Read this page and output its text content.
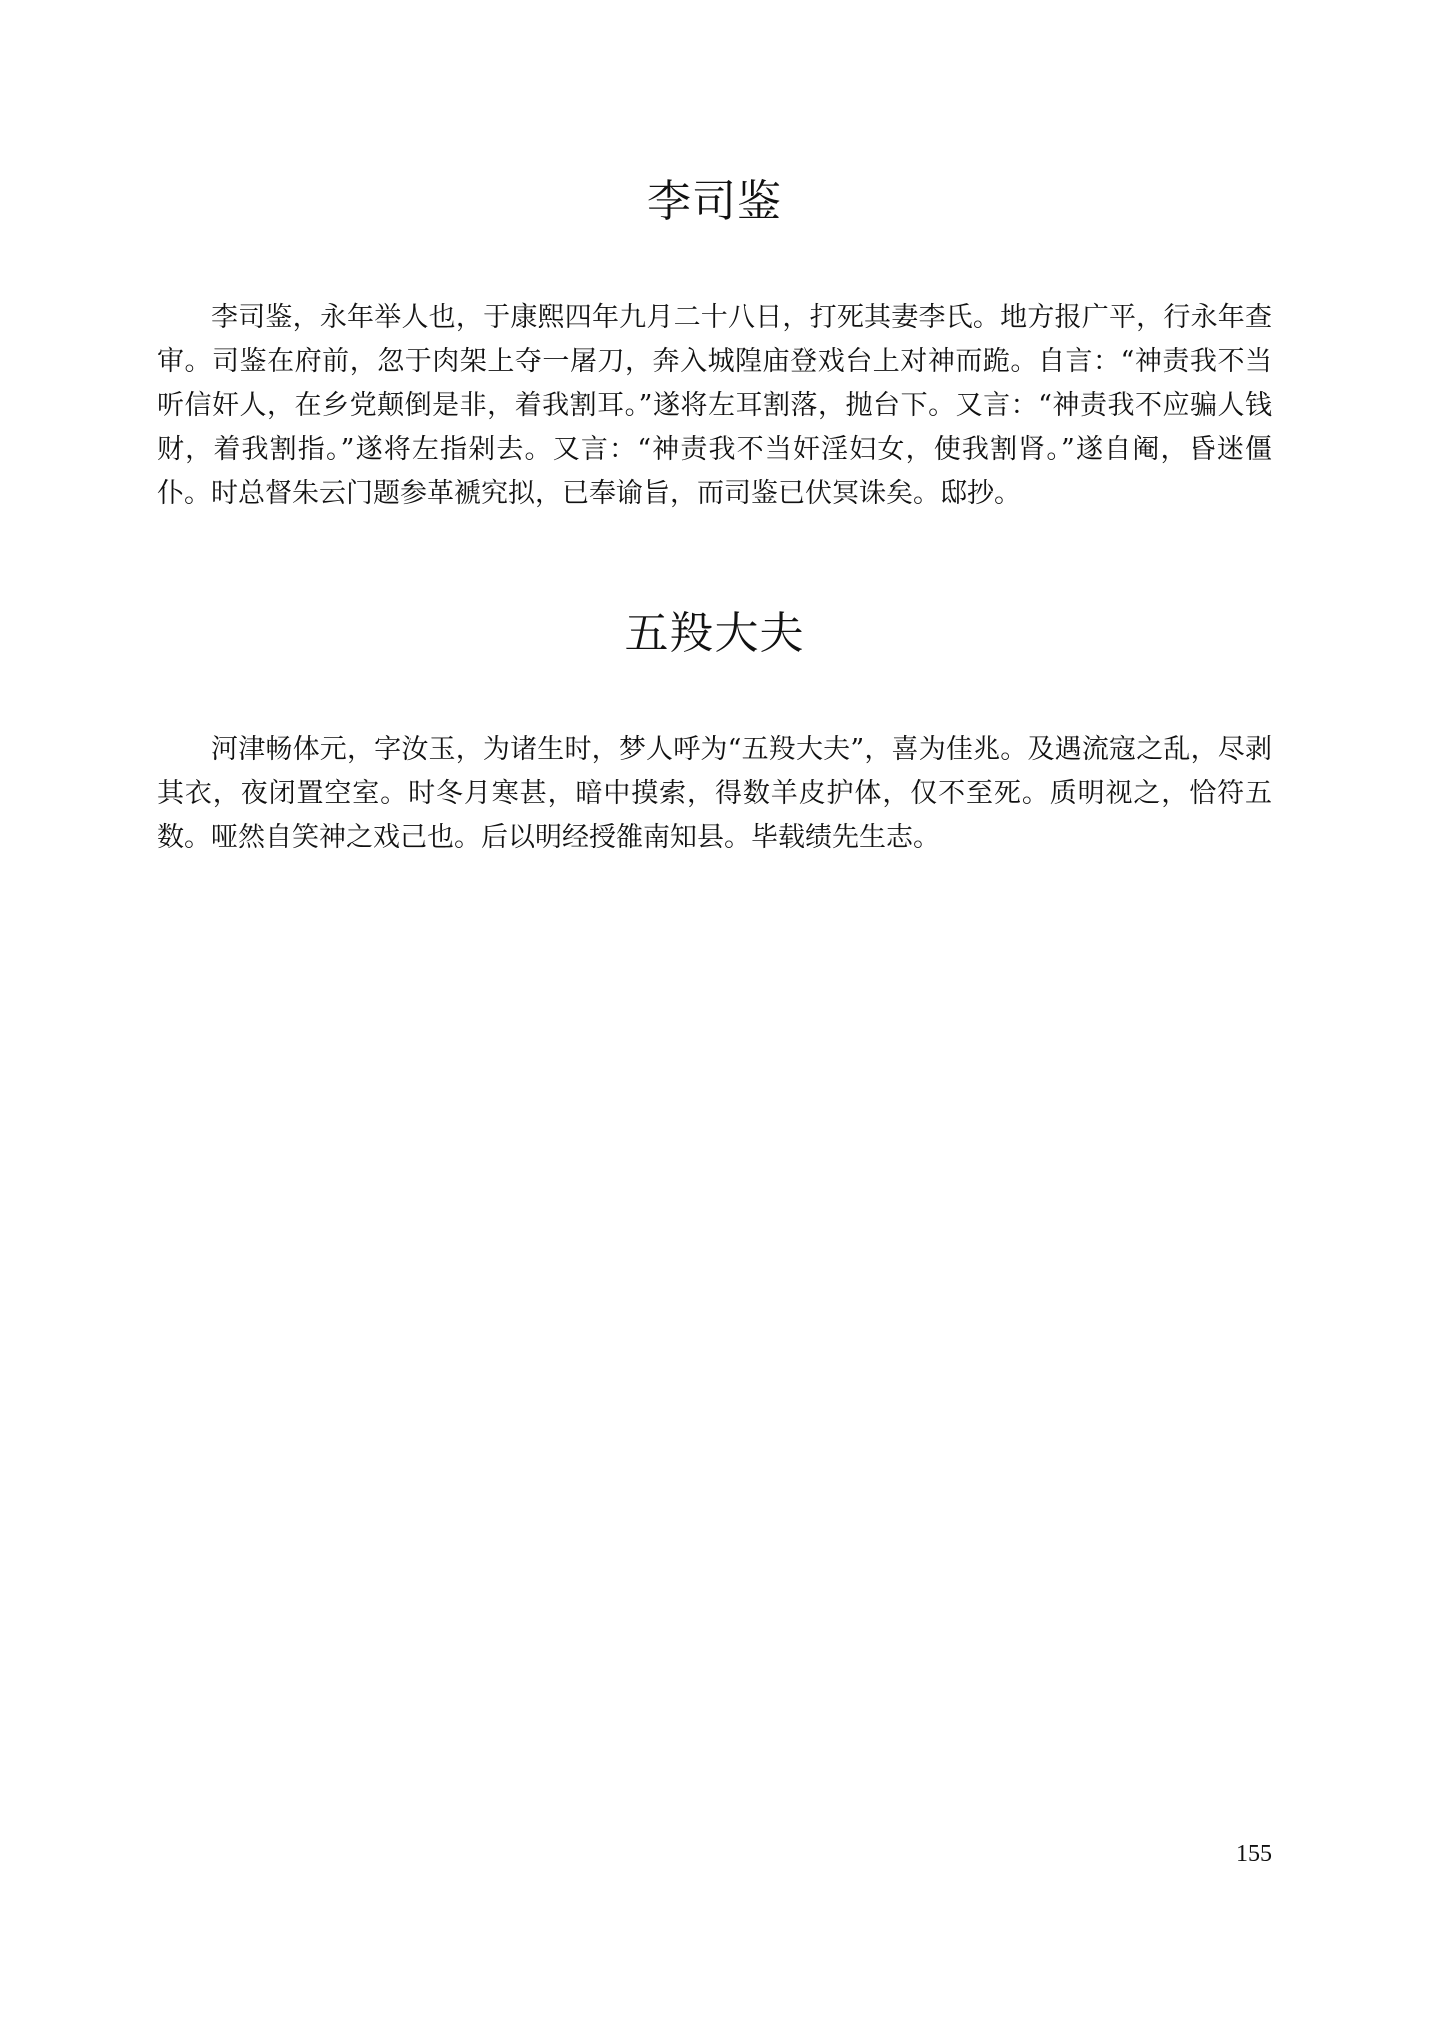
李司鉴

李司鉴，永年举人也，于康熙四年九月二十八日，打死其妻李氏。地方报广平，行永年查审。司鉴在府前，忽于肉架上夺一屠刀，奔入城隍庙登戏台上对神而跪。自言：“神责我不当听信奸人，在乡党颠倒是非，着我割耳。”遂将左耳割落，抛台下。又言：“神责我不应骗人钱财，着我割指。”遂将左指剁去。又言：“神责我不当奸淫妇女，使我割肾。”遂自阉，昏迷僵仆。时总督朱云门题参革褫究拟，已奉谕旨，而司鉴已伏冥诛矣。邸抄。

五羖大夫

河津畅体元，字汝玉，为诸生时，梦人呼为“五羖大夫”，喜为佳兆。及遇流寇之乱，尽剥其衣，夜闭置空室。时冬月寒甚，暗中摸索，得数羊皮护体，仅不至死。质明视之，恰符五数。哑然自笑神之戏己也。后以明经授雒南知县。毕载绩先生志。

155
